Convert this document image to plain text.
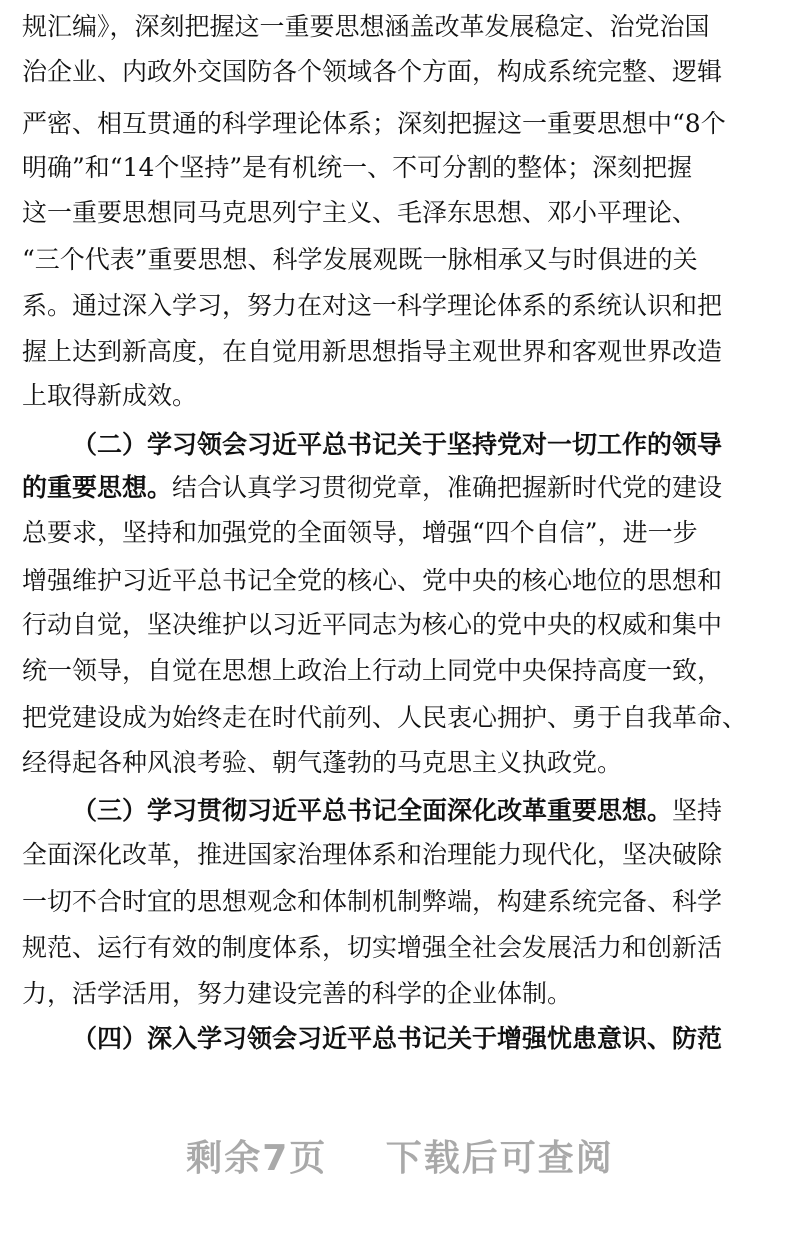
规汇编》，深刻把握这一重要思想涵盖改革发展稳定、治党治国
治企业、内政外交国防各个领域各个方面，构成系统完整、逻辑
严密、相互贯通的科学理论体系；深刻把握这一重要思想中“8个
明确”和“14个坚持”是有机统一、不可分割的整体；深刻把握
这一重要思想同马克思列宁主义、毛泽东思想、邓小平理论、
“三个代表”重要思想、科学发展观既一脉相承又与时俱进的关
系。通过深入学习，努力在对这一科学理论体系的系统认识和把
握上达到新高度，在自觉用新思想指导主观世界和客观世界改造
上取得新成效。
（二）学习领会习近平总书记关于坚持党对一切工作的领导
的重要思想。结合认真学习贯彻党章，准确把握新时代党的建设
总要求，坚持和加强党的全面领导，增强“四个自信”，进一步
增强维护习近平总书记全党的核心、党中央的核心地位的思想和
行动自觉，坚决维护以习近平同志为核心的党中央的权威和集中
统一领导，自觉在思想上政治上行动上同党中央保持高度一致，
把党建设成为始终走在时代前列、人民衷心拥护、勇于自我革命、
经得起各种风浪考验、朝气蓬勃的马克思主义执政党。
（三）学习贯彻习近平总书记全面深化改革重要思想。坚持
全面深化改革，推进国家治理体系和治理能力现代化，坚决破除
一切不合时宜的思想观念和体制机制弊端，构建系统完备、科学
规范、运行有效的制度体系，切实增强全社会发展活力和创新活
力，活学活用，努力建设完善的科学的企业体制。
（四）深入学习领会习近平总书记关于增强忧患意识、防范
剩余7页 下载后可查阅
